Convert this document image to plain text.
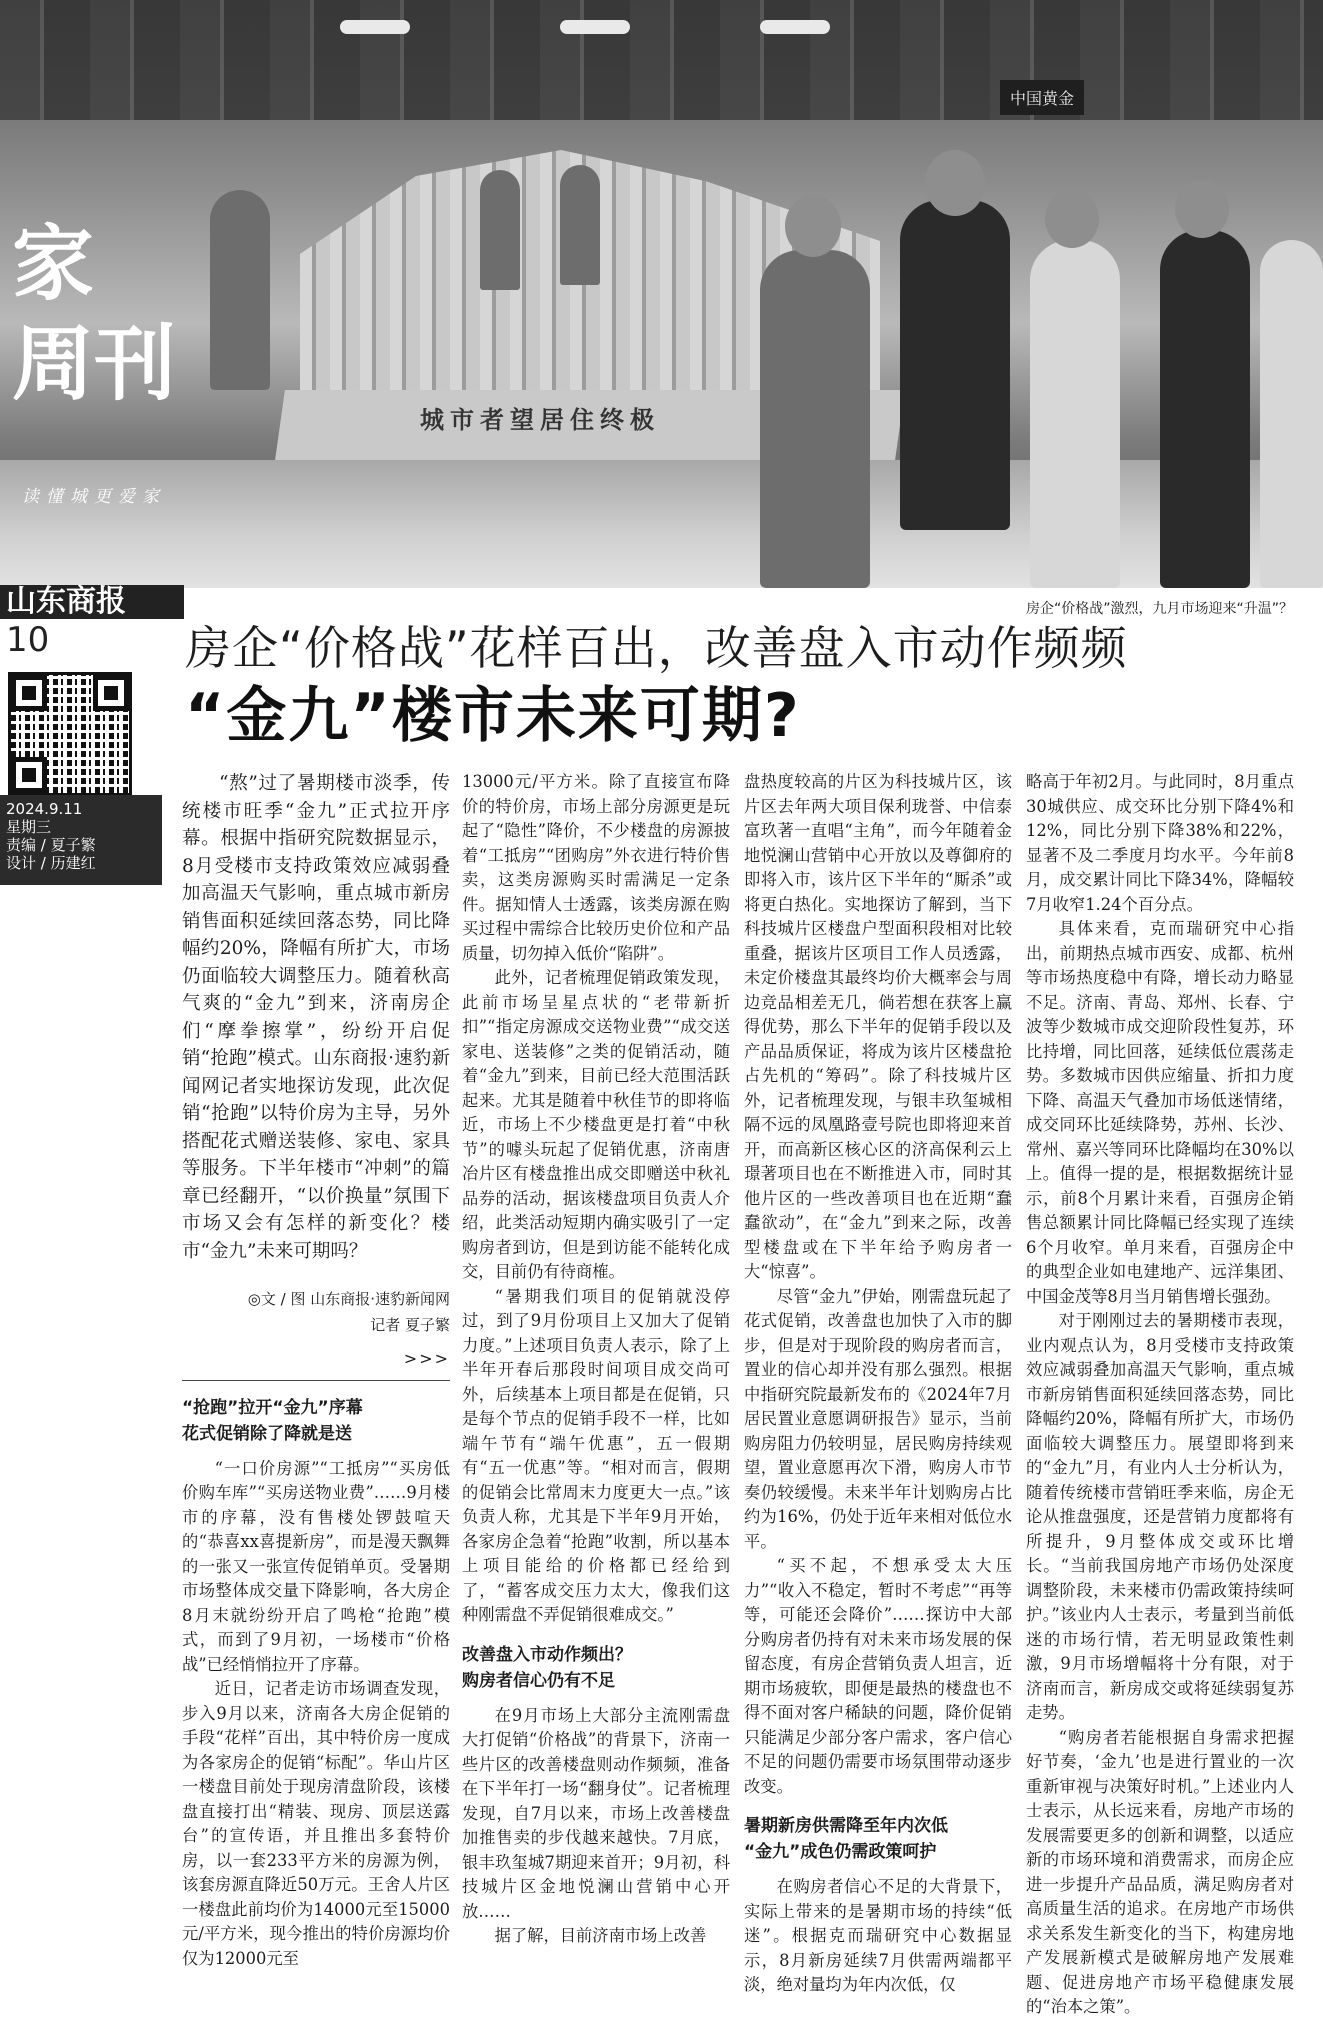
中国黄金
城市者望居住终极
家
周刊
读懂城更爱家
山东商报
10
2024.9.11
星期三
责编 / 夏子繁
设计 / 历建红
房企“价格战”激烈，九月市场迎来“升温”？
房企“价格战”花样百出，改善盘入市动作频频
“金九”楼市未来可期?

“熬”过了暑期楼市淡季，传统楼市旺季“金九”正式拉开序幕。根据中指研究院数据显示，8月受楼市支持政策效应减弱叠加高温天气影响，重点城市新房销售面积延续回落态势，同比降幅约20%，降幅有所扩大，市场仍面临较大调整压力。随着秋高气爽的“金九”到来，济南房企们“摩拳擦掌”，纷纷开启促销“抢跑”模式。山东商报·速豹新闻网记者实地探访发现，此次促销“抢跑”以特价房为主导，另外搭配花式赠送装修、家电、家具等服务。下半年楼市“冲刺”的篇章已经翻开，“以价换量”氛围下市场又会有怎样的新变化？楼市“金九”未来可期吗？

◎文 / 图 山东商报·速豹新闻网
记者 夏子繁
>>>

“抢跑”拉开“金九”序幕

花式促销除了降就是送

“一口价房源”“工抵房”“买房低价购车库”“买房送物业费”……9月楼市的序幕，没有售楼处锣鼓喧天的“恭喜xx喜提新房”，而是漫天飘舞的一张又一张宣传促销单页。受暑期市场整体成交量下降影响，各大房企8月末就纷纷开启了鸣枪“抢跑”模式，而到了9月初，一场楼市“价格战”已经悄悄拉开了序幕。

近日，记者走访市场调查发现，步入9月以来，济南各大房企促销的手段“花样”百出，其中特价房一度成为各家房企的促销“标配”。华山片区一楼盘目前处于现房清盘阶段，该楼盘直接打出“精装、现房、顶层送露台”的宣传语，并且推出多套特价房，以一套233平方米的房源为例，该套房源直降近50万元。王舍人片区一楼盘此前均价为14000元至15000元/平方米，现今推出的特价房源均价仅为12000元至

13000元/平方米。除了直接宣布降价的特价房，市场上部分房源更是玩起了“隐性”降价，不少楼盘的房源披着“工抵房”“团购房”外衣进行特价售卖，这类房源购买时需满足一定条件。据知情人士透露，该类房源在购买过程中需综合比较历史价位和产品质量，切勿掉入低价“陷阱”。

此外，记者梳理促销政策发现，此前市场呈星点状的“老带新折扣”“指定房源成交送物业费”“成交送家电、送装修”之类的促销活动，随着“金九”到来，目前已经大范围活跃起来。尤其是随着中秋佳节的即将临近，市场上不少楼盘更是打着“中秋节”的噱头玩起了促销优惠，济南唐冶片区有楼盘推出成交即赠送中秋礼品券的活动，据该楼盘项目负责人介绍，此类活动短期内确实吸引了一定购房者到访，但是到访能不能转化成交，目前仍有待商榷。

“暑期我们项目的促销就没停过，到了9月份项目上又加大了促销力度。”上述项目负责人表示，除了上半年开春后那段时间项目成交尚可外，后续基本上项目都是在促销，只是每个节点的促销手段不一样，比如端午节有“端午优惠”，五一假期有“五一优惠”等。“相对而言，假期的促销会比常周末力度更大一点。”该负责人称，尤其是下半年9月开始，各家房企急着“抢跑”收割，所以基本上项目能给的价格都已经给到了，“蓄客成交压力太大，像我们这种刚需盘不弄促销很难成交。”

改善盘入市动作频出？

购房者信心仍有不足

在9月市场上大部分主流刚需盘大打促销“价格战”的背景下，济南一些片区的改善楼盘则动作频频，准备在下半年打一场“翻身仗”。记者梳理发现，自7月以来，市场上改善楼盘加推售卖的步伐越来越快。7月底，银丰玖玺城7期迎来首开；9月初，科技城片区金地悦澜山营销中心开放……

据了解，目前济南市场上改善

盘热度较高的片区为科技城片区，该片区去年两大项目保利珑誉、中信泰富玖著一直唱“主角”，而今年随着金地悦澜山营销中心开放以及尊御府的即将入市，该片区下半年的“厮杀”或将更白热化。实地探访了解到，当下科技城片区楼盘户型面积段相对比较重叠，据该片区项目工作人员透露，未定价楼盘其最终均价大概率会与周边竞品相差无几，倘若想在获客上赢得优势，那么下半年的促销手段以及产品品质保证，将成为该片区楼盘抢占先机的“筹码”。除了科技城片区外，记者梳理发现，与银丰玖玺城相隔不远的凤凰路壹号院也即将迎来首开，而高新区核心区的济高保利云上璟著项目也在不断推进入市，同时其他片区的一些改善项目也在近期“蠢蠢欲动”，在“金九”到来之际，改善型楼盘或在下半年给予购房者一大“惊喜”。

尽管“金九”伊始，刚需盘玩起了花式促销，改善盘也加快了入市的脚步，但是对于现阶段的购房者而言，置业的信心却并没有那么强烈。根据中指研究院最新发布的《2024年7月居民置业意愿调研报告》显示，当前购房阻力仍较明显，居民购房持续观望，置业意愿再次下滑，购房人市节奏仍较缓慢。未来半年计划购房占比约为16%，仍处于近年来相对低位水平。

“买不起，不想承受太大压力”“收入不稳定，暂时不考虑”“再等等，可能还会降价”……探访中大部分购房者仍持有对未来市场发展的保留态度，有房企营销负责人坦言，近期市场疲软，即便是最热的楼盘也不得不面对客户稀缺的问题，降价促销只能满足少部分客户需求，客户信心不足的问题仍需要市场氛围带动逐步改变。

暑期新房供需降至年内次低

“金九”成色仍需政策呵护

在购房者信心不足的大背景下，实际上带来的是暑期市场的持续“低迷”。根据克而瑞研究中心数据显示，8月新房延续7月供需两端都平淡，绝对量均为年内次低，仅

略高于年初2月。与此同时，8月重点30城供应、成交环比分别下降4%和12%，同比分别下降38%和22%，显著不及二季度月均水平。今年前8月，成交累计同比下降34%，降幅较7月收窄1.24个百分点。

具体来看，克而瑞研究中心指出，前期热点城市西安、成都、杭州等市场热度稳中有降，增长动力略显不足。济南、青岛、郑州、长春、宁波等少数城市成交迎阶段性复苏，环比持增，同比回落，延续低位震荡走势。多数城市因供应缩量、折扣力度下降、高温天气叠加市场低迷情绪，成交同环比延续降势，苏州、长沙、常州、嘉兴等同环比降幅均在30%以上。值得一提的是，根据数据统计显示，前8个月累计来看，百强房企销售总额累计同比降幅已经实现了连续6个月收窄。单月来看，百强房企中的典型企业如电建地产、远洋集团、中国金茂等8月当月销售增长强劲。

对于刚刚过去的暑期楼市表现，业内观点认为，8月受楼市支持政策效应减弱叠加高温天气影响，重点城市新房销售面积延续回落态势，同比降幅约20%，降幅有所扩大，市场仍面临较大调整压力。展望即将到来的“金九”月，有业内人士分析认为，随着传统楼市营销旺季来临，房企无论从推盘强度，还是营销力度都将有所提升，9月整体成交或环比增长。“当前我国房地产市场仍处深度调整阶段，未来楼市仍需政策持续呵护。”该业内人士表示，考量到当前低迷的市场行情，若无明显政策性刺激，9月市场增幅将十分有限，对于济南而言，新房成交或将延续弱复苏走势。

“购房者若能根据自身需求把握好节奏，‘金九’也是进行置业的一次重新审视与决策好时机。”上述业内人士表示，从长远来看，房地产市场的发展需要更多的创新和调整，以适应新的市场环境和消费需求，而房企应进一步提升产品品质，满足购房者对高质量生活的追求。在房地产市场供求关系发生新变化的当下，构建房地产发展新模式是破解房地产发展难题、促进房地产市场平稳健康发展的“治本之策”。
